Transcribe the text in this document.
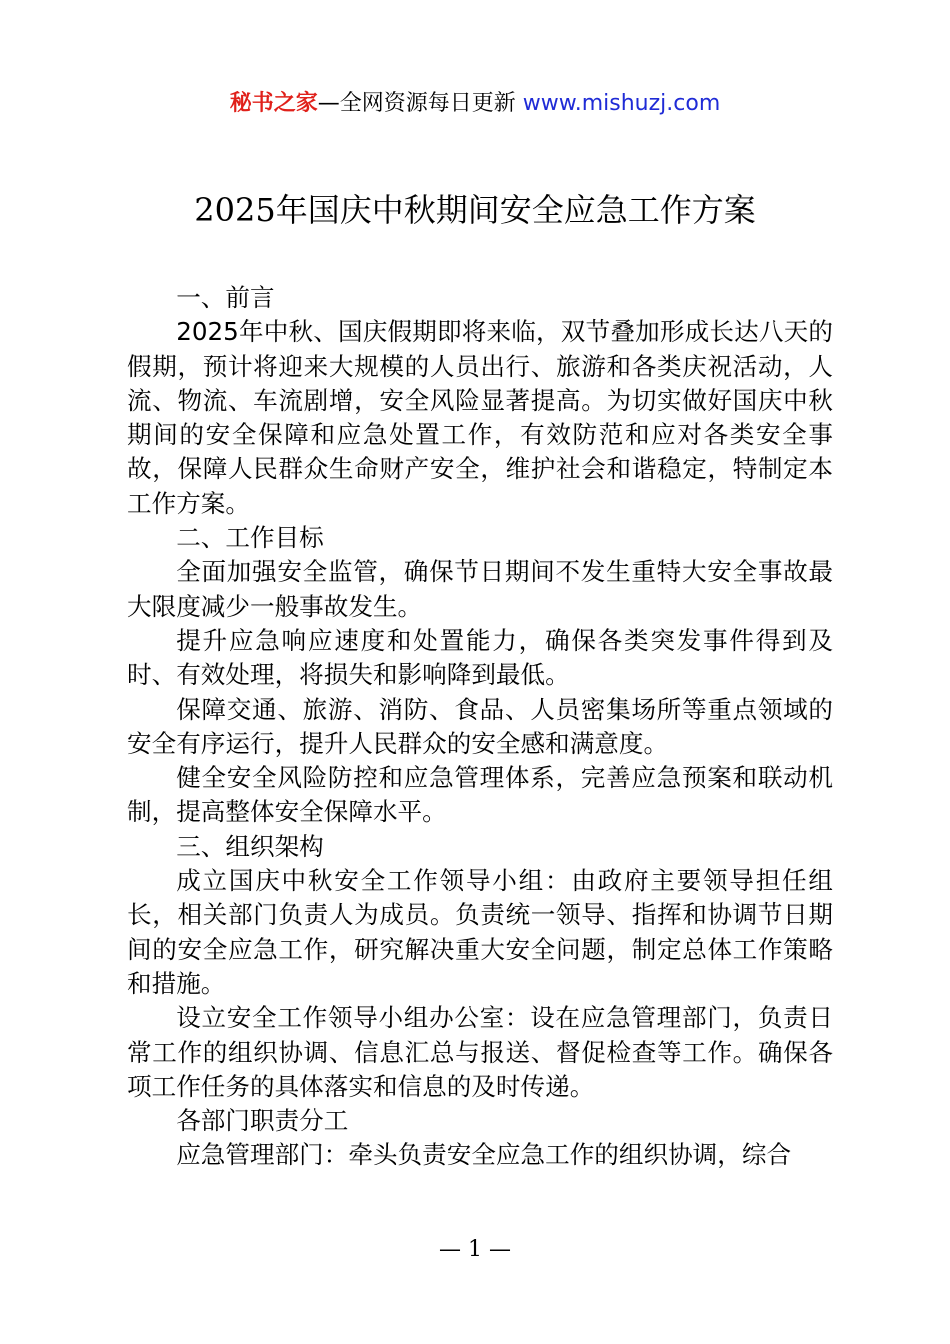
秘书之家—全网资源每日更新 www.mishuzj.com
2025年国庆中秋期间安全应急工作方案

一、前言

2025年中秋、国庆假期即将来临，双节叠加形成长达八天的假期，预计将迎来大规模的人员出行、旅游和各类庆祝活动，人流、物流、车流剧增，安全风险显著提高。为切实做好国庆中秋期间的安全保障和应急处置工作，有效防范和应对各类安全事故，保障人民群众生命财产安全，维护社会和谐稳定，特制定本工作方案。

二、工作目标

全面加强安全监管，确保节日期间不发生重特大安全事故最大限度减少一般事故发生。

提升应急响应速度和处置能力，确保各类突发事件得到及时、有效处理，将损失和影响降到最低。

保障交通、旅游、消防、食品、人员密集场所等重点领域的安全有序运行，提升人民群众的安全感和满意度。

健全安全风险防控和应急管理体系，完善应急预案和联动机制，提高整体安全保障水平。

三、组织架构

成立国庆中秋安全工作领导小组：由政府主要领导担任组长，相关部门负责人为成员。负责统一领导、指挥和协调节日期间的安全应急工作，研究解决重大安全问题，制定总体工作策略和措施。

设立安全工作领导小组办公室：设在应急管理部门，负责日常工作的组织协调、信息汇总与报送、督促检查等工作。确保各项工作任务的具体落实和信息的及时传递。

各部门职责分工

应急管理部门：牵头负责安全应急工作的组织协调，综合

— 1 —
